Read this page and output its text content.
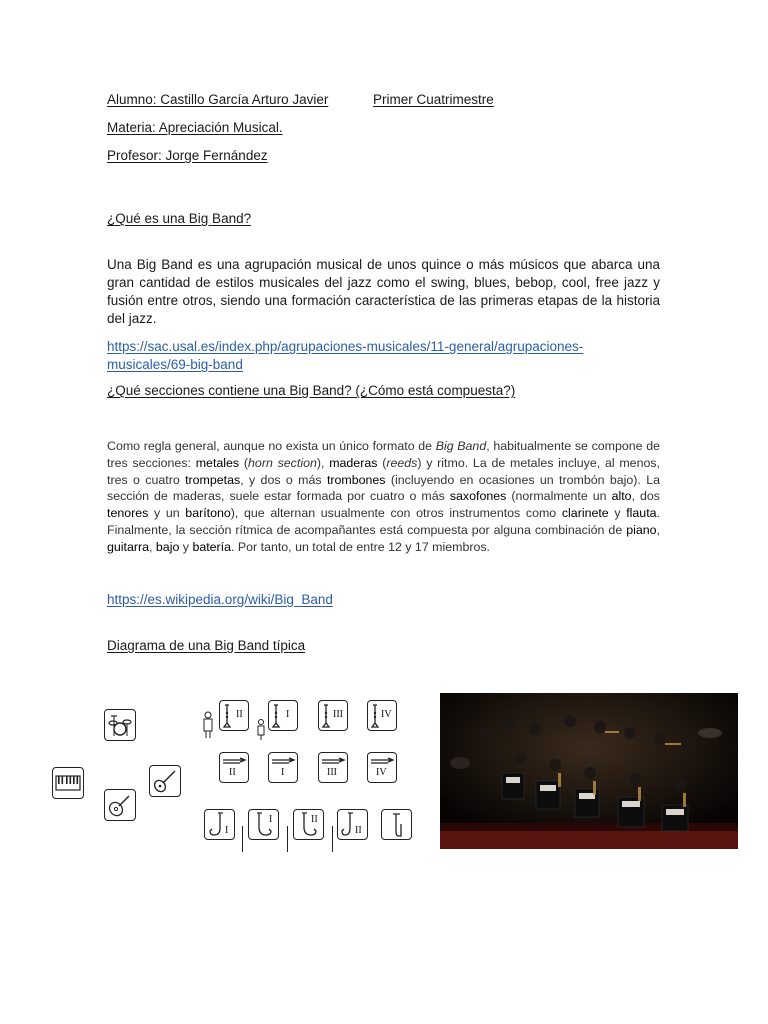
Alumno: Castillo García Arturo Javier	Primer Cuatrimestre
Materia: Apreciación Musical.
Profesor: Jorge Fernández
¿Qué es una Big Band?
Una Big Band es una agrupación musical de unos quince o más músicos que abarca una gran cantidad de estilos musicales del jazz como el swing, blues, bebop, cool, free jazz y fusión entre otros, siendo una formación característica de las primeras etapas de la historia del jazz.
https://sac.usal.es/index.php/agrupaciones-musicales/11-general/agrupaciones-
musicales/69-big-band
¿Qué secciones contiene una Big Band? (¿Cómo está compuesta?)
Como regla general, aunque no exista un único formato de Big Band, habitualmente se compone de tres secciones: metales (horn section), maderas (reeds) y ritmo. La de metales incluye, al menos, tres o cuatro trompetas, y dos o más trombones (incluyendo en ocasiones un trombón bajo). La sección de maderas, suele estar formada por cuatro o más saxofones (normalmente un alto, dos tenores y un barítono), que alternan usualmente con otros instrumentos como clarinete y flauta. Finalmente, la sección rítmica de acompañantes está compuesta por alguna combinación de piano, guitarra, bajo y batería. Por tanto, un total de entre 12 y 17 miembros.
https://es.wikipedia.org/wiki/Big_Band
Diagrama de una Big Band típica
II	I	III	IV
II	I	III	IV
I
I	II
II
